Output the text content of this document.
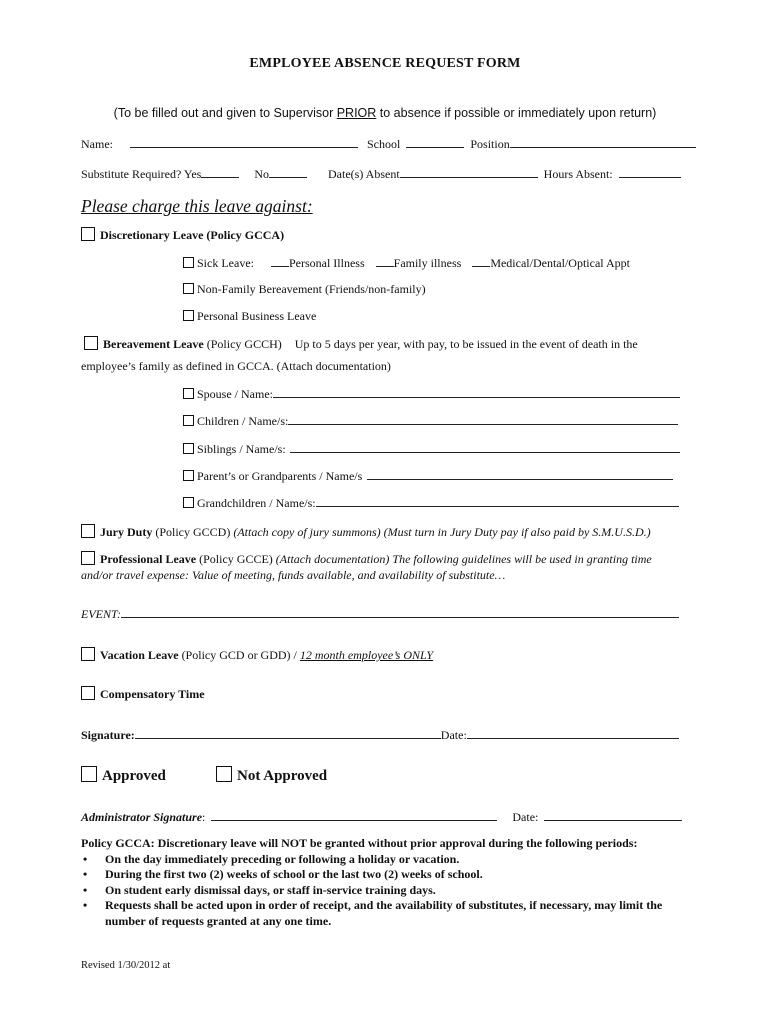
EMPLOYEE ABSENCE REQUEST FORM
(To be filled out and given to Supervisor PRIOR to absence if possible or immediately upon return)
Name:	School	Position
Substitute Required? Yes	No	Date(s) Absent	Hours Absent:
Please charge this leave against:
Discretionary Leave (Policy GCCA)
Sick Leave:	Personal Illness Family illness Medical/Dental/Optical Appt
Non-Family Bereavement (Friends/non-family)
Personal Business Leave
Bereavement Leave (Policy GCCH) Up to 5 days per year, with pay, to be issued in the event of death in the
employee’s family as defined in GCCA. (Attach documentation)
Spouse / Name:
Children / Name/s:
Siblings / Name/s:
Parent’s or Grandparents / Name/s
Grandchildren / Name/s:
Jury Duty (Policy GCCD) (Attach copy of jury summons) (Must turn in Jury Duty pay if also paid by S.M.U.S.D.)
Professional Leave (Policy GCCE) (Attach documentation) The following guidelines will be used in granting time
and/or travel expense: Value of meeting, funds available, and availability of substitute…
EVENT:
Vacation Leave (Policy GCD or GDD) / 12 month employee’s ONLY
Compensatory Time
Signature:	Date:
Approved	Not Approved
Administrator Signature:	Date:
Policy GCCA: Discretionary leave will NOT be granted without prior approval during the following periods:
• On the day immediately preceding or following a holiday or vacation.
• During the first two (2) weeks of school or the last two (2) weeks of school.
• On student early dismissal days, or staff in-service training days.
• Requests shall be acted upon in order of receipt, and the availability of substitutes, if necessary, may limit the number of requests granted at any one time.
Revised 1/30/2012 at
